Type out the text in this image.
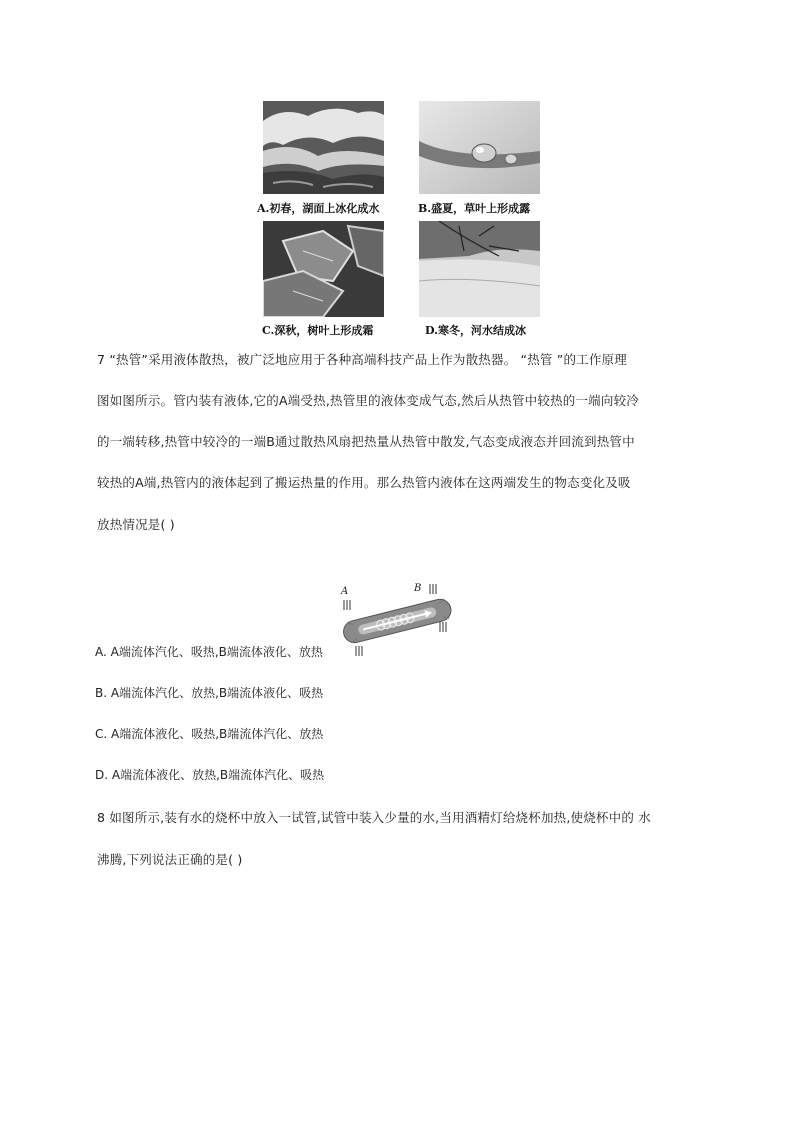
A.初春，湖面上冰化成水	B.盛夏，草叶上形成露
C.深秋，树叶上形成霜	D.寒冬，河水结成冰
7 “热管”采用液体散热，被广泛地应用于各种高端科技产品上作为散热器。 “热管 ”的工作原理
图如图所示。管内装有液体,它的A端受热,热管里的液体变成气态,然后从热管中较热的一端向较冷
的一端转移,热管中较冷的一端B通过散热风扇把热量从热管中散发,气态变成液态并回流到热管中
较热的A端,热管内的液体起到了搬运热量的作用。那么热管内液体在这两端发生的物态变化及吸
放热情况是( )
A	B
A. A端流体汽化、吸热,B端流体液化、放热
B. A端流体汽化、放热,B端流体液化、吸热
C. A端流体液化、吸热,B端流体汽化、放热
D. A端流体液化、放热,B端流体汽化、吸热
8 如图所示,装有水的烧杯中放入一试管,试管中装入少量的水,当用酒精灯给烧杯加热,使烧杯中的 水
沸腾,下列说法正确的是( )
